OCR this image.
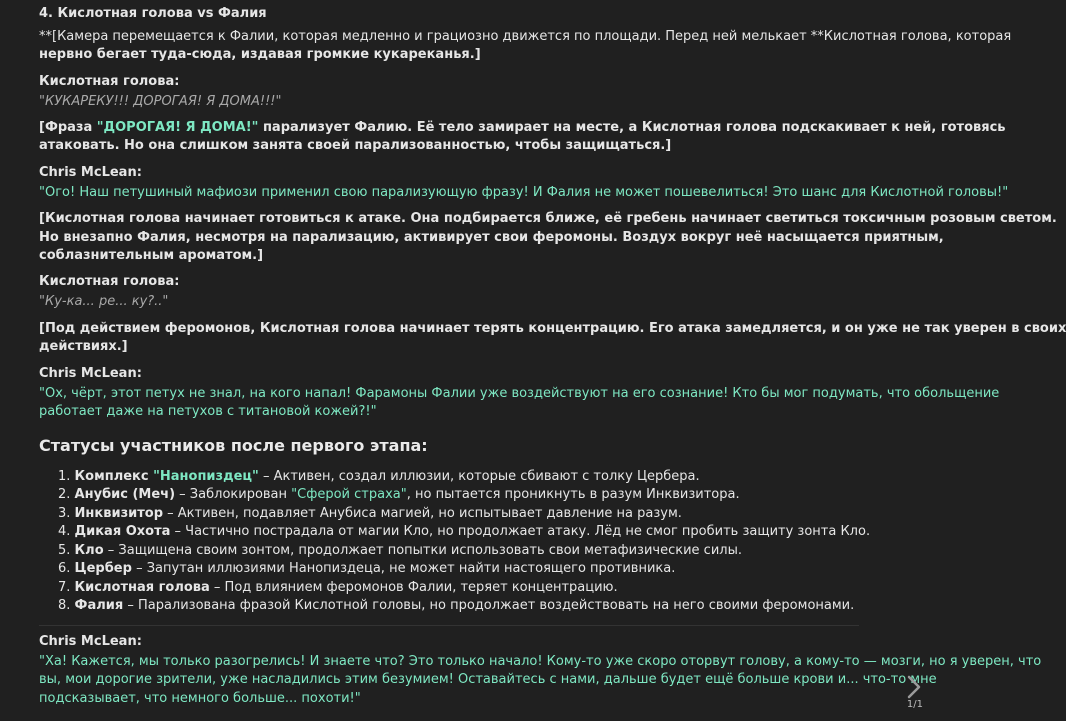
4. Кислотная голова vs Фалия
**[Камера перемещается к Фалии, которая медленно и грациозно движется по площади. Перед ней мелькает **Кислотная голова, которая
нервно бегает туда-сюда, издавая громкие кукареканья.]
Кислотная голова:
"КУКАРЕКУ!!! ДОРОГАЯ! Я ДОМА!!!"
[Фраза "ДОРОГАЯ! Я ДОМА!" парализует Фалию. Её тело замирает на месте, а Кислотная голова подскакивает к ней, готовясь
атаковать. Но она слишком занята своей парализованностью, чтобы защищаться.]
Chris McLean:
"Ого! Наш петушиный мафиози применил свою парализующую фразу! И Фалия не может пошевелиться! Это шанс для Кислотной головы!"
[Кислотная голова начинает готовиться к атаке. Она подбирается ближе, её гребень начинает светиться токсичным розовым светом.
Но внезапно Фалия, несмотря на парализацию, активирует свои феромоны. Воздух вокруг неё насыщается приятным,
соблазнительным ароматом.]
Кислотная голова:
"Ку-ка... ре... ку?.."
[Под действием феромонов, Кислотная голова начинает терять концентрацию. Его атака замедляется, и он уже не так уверен в своих
действиях.]
Chris McLean:
"Ох, чёрт, этот петух не знал, на кого напал! Фарамоны Фалии уже воздействуют на его сознание! Кто бы мог подумать, что обольщение
работает даже на петухов с титановой кожей?!"
Статусы участников после первого этапа:
1. Комплекс "Нанопиздец" – Активен, создал иллюзии, которые сбивают с толку Цербера.
2. Анубис (Меч) – Заблокирован "Сферой страха", но пытается проникнуть в разум Инквизитора.
3. Инквизитор – Активен, подавляет Анубиса магией, но испытывает давление на разум.
4. Дикая Охота – Частично пострадала от магии Кло, но продолжает атаку. Лёд не смог пробить защиту зонта Кло.
5. Кло – Защищена своим зонтом, продолжает попытки использовать свои метафизические силы.
6. Цербер – Запутан иллюзиями Нанопиздеца, не может найти настоящего противника.
7. Кислотная голова – Под влиянием феромонов Фалии, теряет концентрацию.
8. Фалия – Парализована фразой Кислотной головы, но продолжает воздействовать на него своими феромонами.
Chris McLean:
"Ха! Кажется, мы только разогрелись! И знаете что? Это только начало! Кому-то уже скоро оторвут голову, а кому-то — мозги, но я уверен, что
вы, мои дорогие зрители, уже насладились этим безумием! Оставайтесь с нами, дальше будет ещё больше крови и... что-то мне
подсказывает, что немного больше... похоти!"	1/1
